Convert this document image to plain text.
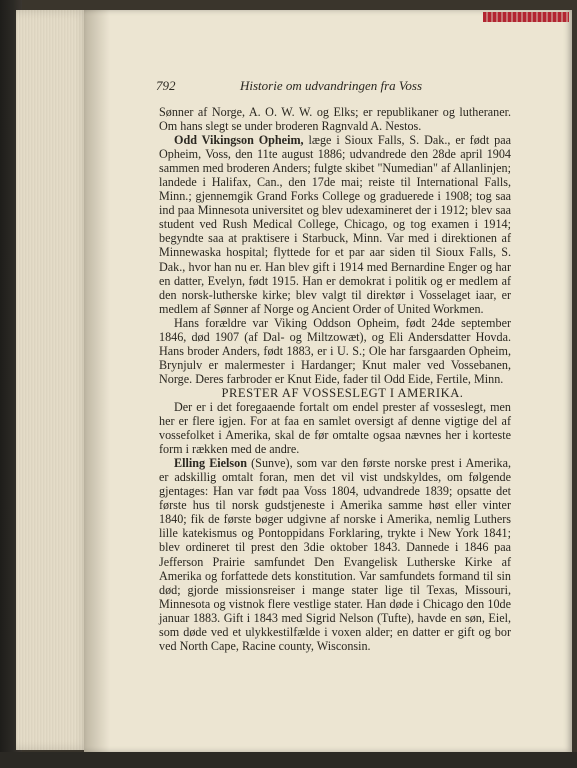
792	Historie om udvandringen fra Voss

Sønner af Norge, A. O. W. W. og Elks; er republikaner og lutheraner. Om hans slegt se under broderen Ragnvald A. Nestos.

Odd Vikingson Opheim, læge i Sioux Falls, S. Dak., er født paa Opheim, Voss, den 11te august 1886; udvandrede den 28de april 1904 sammen med broderen Anders; fulgte skibet "Numedian" af Allanlinjen; landede i Halifax, Can., den 17de mai; reiste til International Falls, Minn.; gjennemgik Grand Forks College og graduerede i 1908; tog saa ind paa Minnesota universitet og blev udexamineret der i 1912; blev saa student ved Rush Medical College, Chicago, og tog examen i 1914; begyndte saa at praktisere i Starbuck, Minn. Var med i direktionen af Minnewaska hospital; flyttede for et par aar siden til Sioux Falls, S. Dak., hvor han nu er. Han blev gift i 1914 med Bernardine Enger og har en datter, Evelyn, født 1915. Han er demokrat i politik og er medlem af den norsk-lutherske kirke; blev valgt til direktør i Vosselaget iaar, er medlem af Sønner af Norge og Ancient Order of United Workmen.

Hans forældre var Viking Oddson Opheim, født 24de september 1846, død 1907 (af Dal- og Miltzowæt), og Eli Andersdatter Hovda. Hans broder Anders, født 1883, er i U. S.; Ole har farsgaarden Opheim, Brynjulv er malermester i Hardanger; Knut maler ved Vossebanen, Norge. Deres farbroder er Knut Eide, fader til Odd Eide, Fertile, Minn.

PRESTER AF VOSSESLEGT I AMERIKA.

Der er i det foregaaende fortalt om endel prester af vosseslegt, men her er flere igjen. For at faa en samlet oversigt af denne vigtige del af vossefolket i Amerika, skal de før omtalte ogsaa nævnes her i korteste form i rækken med de andre.

Elling Eielson (Sunve), som var den første norske prest i Amerika, er adskillig omtalt foran, men det vil vist undskyldes, om følgende gjentages: Han var født paa Voss 1804, udvandrede 1839; opsatte det første hus til norsk gudstjeneste i Amerika samme høst eller vinter 1840; fik de første bøger udgivne af norske i Amerika, nemlig Luthers lille katekismus og Pontoppidans Forklaring, trykte i New York 1841; blev ordineret til prest den 3die oktober 1843. Dannede i 1846 paa Jefferson Prairie samfundet Den Evangelisk Lutherske Kirke af Amerika og forfattede dets konstitution. Var samfundets formand til sin død; gjorde missionsreiser i mange stater lige til Texas, Missouri, Minnesota og vistnok flere vestlige stater. Han døde i Chicago den 10de januar 1883. Gift i 1843 med Sigrid Nelson (Tufte), havde en søn, Eiel, som døde ved et ulykkestilfælde i voxen alder; en datter er gift og bor ved North Cape, Racine county, Wisconsin.
